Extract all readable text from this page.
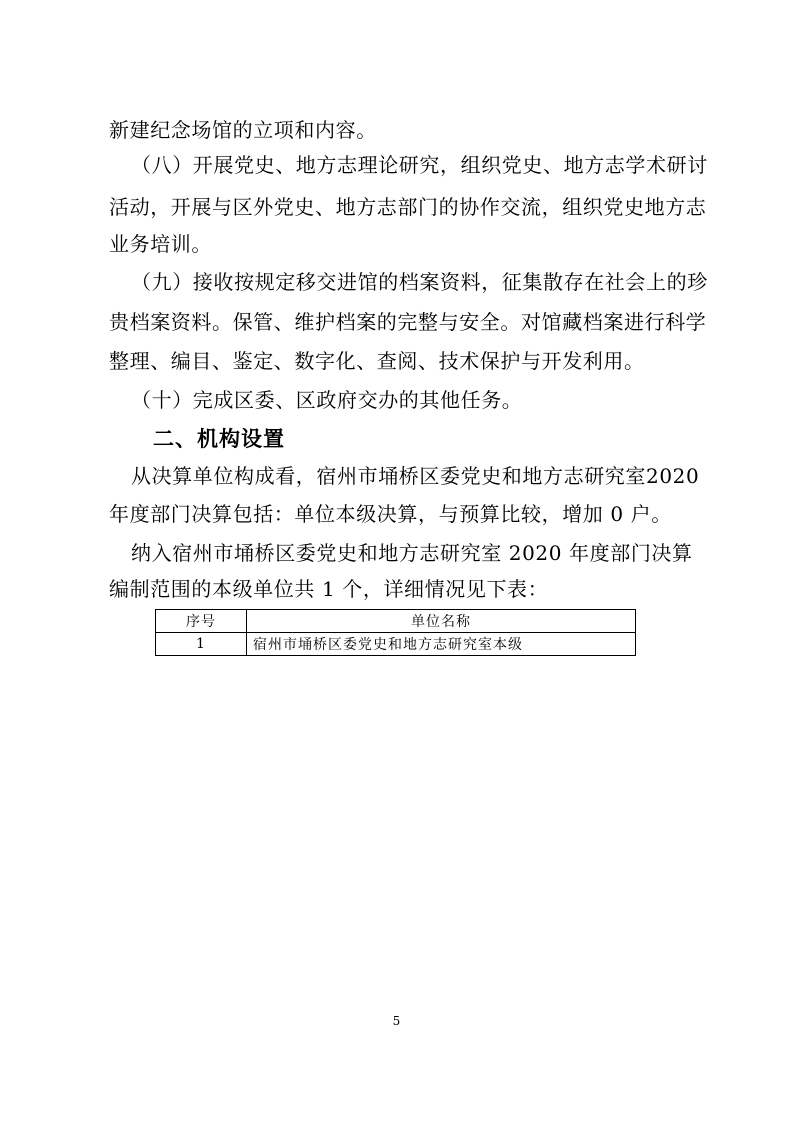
新建纪念场馆的立项和内容。
（八）开展党史、地方志理论研究，组织党史、地方志学术研讨
活动，开展与区外党史、地方志部门的协作交流，组织党史地方志
业务培训。
（九）接收按规定移交进馆的档案资料，征集散存在社会上的珍
贵档案资料。保管、维护档案的完整与安全。对馆藏档案进行科学
整理、编目、鉴定、数字化、查阅、技术保护与开发利用。
（十）完成区委、区政府交办的其他任务。
二、机构设置
从决算单位构成看，宿州市埇桥区委党史和地方志研究室2020
年度部门决算包括：单位本级决算，与预算比较，增加 0 户。
纳入宿州市埇桥区委党史和地方志研究室 2020 年度部门决算
编制范围的本级单位共 1 个，详细情况见下表：
序号	单位名称
1	宿州市埇桥区委党史和地方志研究室本级
5
